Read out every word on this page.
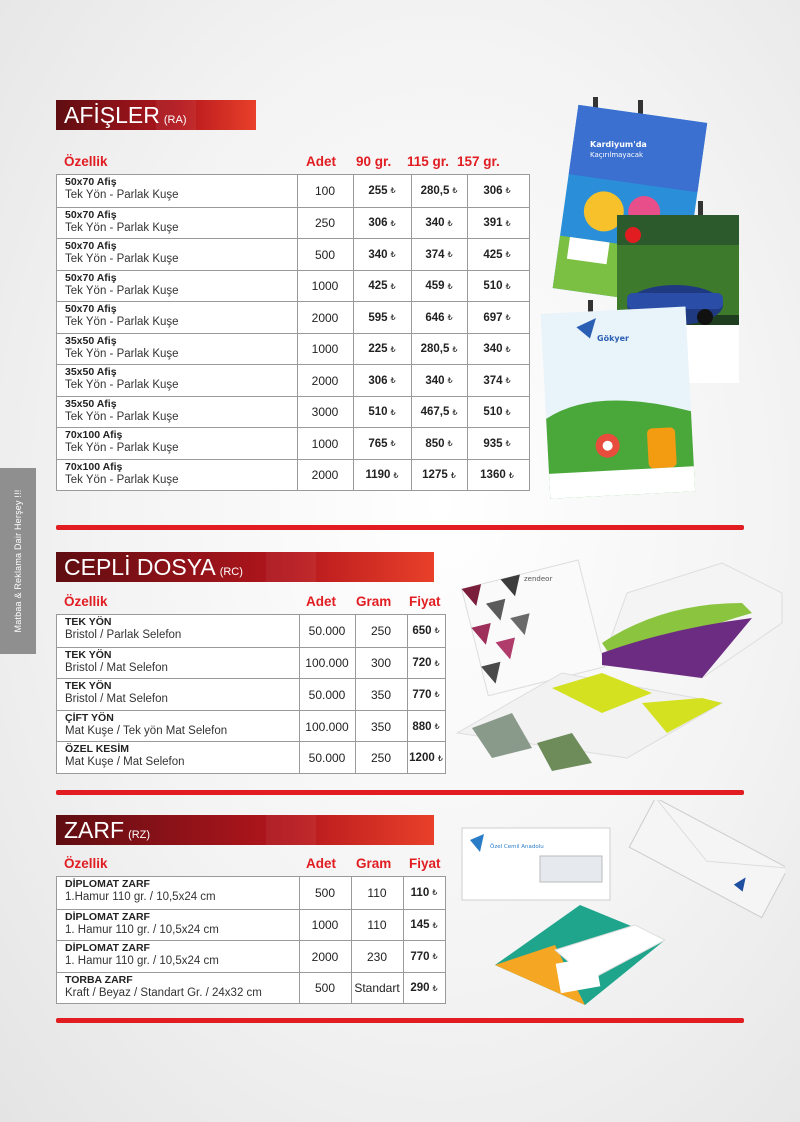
Matbaa & Reklama Dair Herşey !!!
AFİŞLER (RA)
Özellik	Adet 90 gr. 115 gr. 157 gr.
50x70 Afiş
Tek Yön - Parlak Kuşe	100	255 ₺	280,5 ₺	306 ₺
50x70 Afiş
Tek Yön - Parlak Kuşe	250	306 ₺	340 ₺	391 ₺
50x70 Afiş
Tek Yön - Parlak Kuşe	500	340 ₺	374 ₺	425 ₺
50x70 Afiş
Tek Yön - Parlak Kuşe	1000	425 ₺	459 ₺	510 ₺
50x70 Afiş
Tek Yön - Parlak Kuşe	2000	595 ₺	646 ₺	697 ₺
35x50 Afiş
Tek Yön - Parlak Kuşe	1000	225 ₺	280,5 ₺	340 ₺
35x50 Afiş
Tek Yön - Parlak Kuşe	2000	306 ₺	340 ₺	374 ₺
35x50 Afiş
Tek Yön - Parlak Kuşe	3000	510 ₺	467,5 ₺	510 ₺
70x100 Afiş
Tek Yön - Parlak Kuşe	1000	765 ₺	850 ₺	935 ₺
70x100 Afiş
Tek Yön - Parlak Kuşe	2000	1190 ₺	1275 ₺	1360 ₺
CEPLİ DOSYA (RC)
Özellik	Adet Gram Fiyat
TEK YÖN
Bristol / Parlak Selefon	50.000	250	650 ₺
TEK YÖN
Bristol / Mat Selefon	100.000	300	720 ₺
TEK YÖN
Bristol / Mat Selefon	50.000	350	770 ₺
ÇİFT YÖN
Mat Kuşe / Tek yön Mat Selefon	100.000	350	880 ₺
ÖZEL KESİM
Mat Kuşe / Mat Selefon	50.000	250	1200 ₺
ZARF (RZ)
Özellik	Adet Gram Fiyat
DİPLOMAT ZARF
1.Hamur 110 gr. / 10,5x24 cm	500	110	110 ₺
DİPLOMAT ZARF
1. Hamur 110 gr. / 10,5x24 cm	1000	110	145 ₺
DİPLOMAT ZARF
1. Hamur 110 gr. / 10,5x24 cm	2000	230	770 ₺
TORBA ZARF
Kraft / Beyaz / Standart Gr. / 24x32 cm	500	Standart 290 ₺
Kardiyum'da
Kaçırılmayacak
Gökyer
zendeor
Özel Cemil Anadolu
